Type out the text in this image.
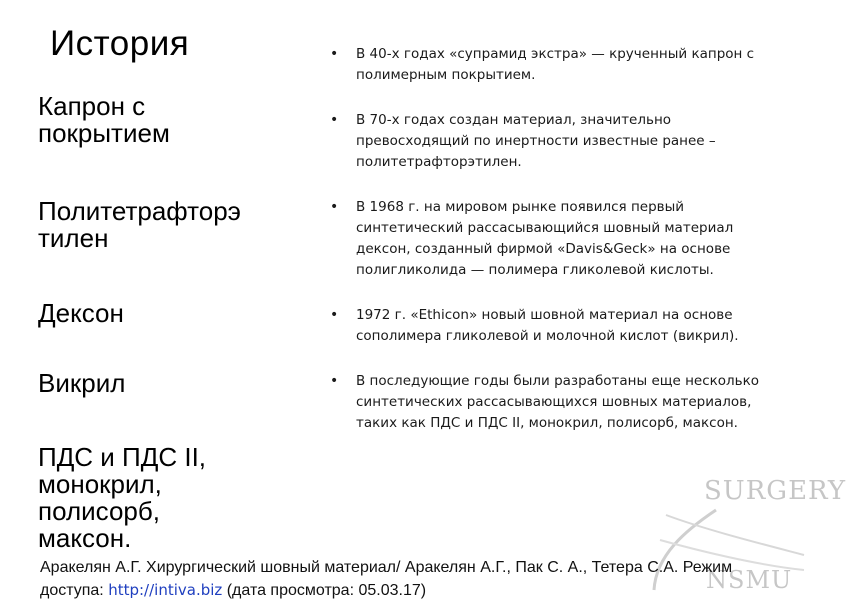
SURGERY
NSMU
История
Капрон с
покрытием
Политетрафторэ
тилен
Дексон
Викрил
ПДС и ПДС II,
монокрил,
полисорб,
максон.
• В 40-х годах «супрамид экстра» — крученный капрон с полимерным покрытием.
• В 70-х годах создан материал, значительно превосходящий по инертности известные ранее – политетрафторэтилен.
• В 1968 г. на мировом рынке появился первый синтетический рассасывающийся шовный материал дексон, созданный фирмой «Davis&Geck» на основе полигликолида — полимера гликолевой кислоты.
• 1972 г. «Ethicon» новый шовной материал на основе сополимера гликолевой и молочной кислот (викрил).
• В последующие годы были разработаны еще несколько синтетических рассасывающихся шовных материалов, таких как ПДС и ПДС II, монокрил, полисорб, максон.
Аракелян А.Г. Хирургический шовный материал/ Аракелян А.Г., Пак С. А., Тетера С.А. Режим доступа: http://intiva.biz (дата просмотра: 05.03.17)
